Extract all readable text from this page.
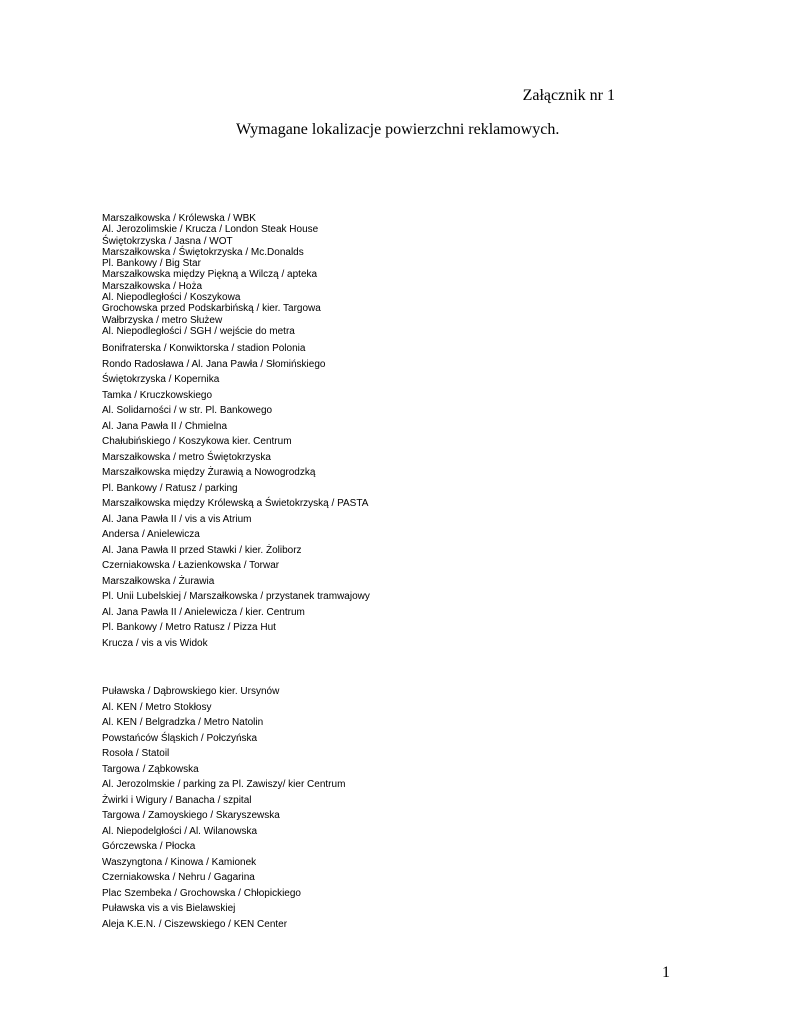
Załącznik nr 1
Wymagane lokalizacje powierzchni reklamowych.
Marszałkowska / Królewska / WBK
Al. Jerozolimskie / Krucza / London Steak House
Świętokrzyska / Jasna / WOT
Marszałkowska / Świętokrzyska / Mc.Donalds
Pl. Bankowy / Big Star
Marszałkowska między Piękną a Wilczą / apteka
Marszałkowska / Hoża
Al. Niepodległości / Koszykowa
Grochowska przed Podskarbińską / kier. Targowa
Wałbrzyska / metro Służew
Al. Niepodległości / SGH / wejście do metra
Bonifraterska / Konwiktorska / stadion Polonia
Rondo Radosława / Al. Jana Pawła / Słomińskiego
Świętokrzyska / Kopernika
Tamka / Kruczkowskiego
Al. Solidarności / w str. Pl. Bankowego
Al. Jana Pawła II / Chmielna
Chałubińskiego / Koszykowa kier. Centrum
Marszałkowska / metro Świętokrzyska
Marszałkowska między Żurawią a Nowogrodzką
Pl. Bankowy / Ratusz / parking
Marszałkowska między Królewską a Świetokrzyską / PASTA
Al. Jana Pawła II / vis a vis Atrium
Andersa / Anielewicza
Al. Jana Pawła II przed Stawki / kier. Żoliborz
Czerniakowska / Łazienkowska / Torwar
Marszałkowska / Żurawia
Pl. Unii Lubelskiej / Marszałkowska / przystanek tramwajowy
Al. Jana Pawła II / Anielewicza / kier. Centrum
Pl. Bankowy / Metro Ratusz / Pizza Hut
Krucza / vis a vis Widok
Puławska / Dąbrowskiego kier. Ursynów
Al. KEN / Metro Stokłosy
Al. KEN / Belgradzka / Metro Natolin
Powstańców Śląskich / Połczyńska
Rosoła / Statoil
Targowa / Ząbkowska
Al. Jerozolmskie / parking za Pl. Zawiszy/ kier Centrum
Żwirki i Wigury / Banacha / szpital
Targowa / Zamoyskiego / Skaryszewska
Al. Niepodelgłości / Al. Wilanowska
Górczewska / Płocka
Waszyngtona / Kinowa / Kamionek
Czerniakowska / Nehru / Gagarina
Plac Szembeka / Grochowska / Chłopickiego
Puławska vis a vis Bielawskiej
Aleja K.E.N. / Ciszewskiego / KEN Center
1
